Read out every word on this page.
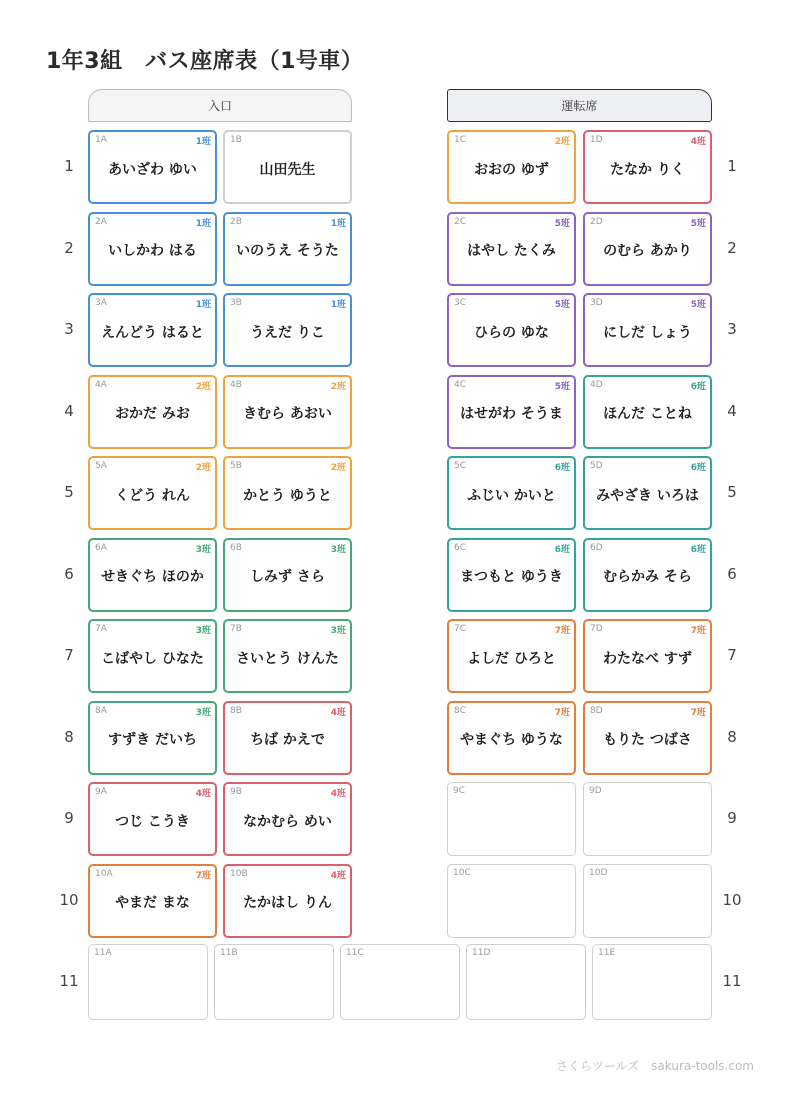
1年3組　バス座席表（1号車）
入口	運転席
1	1
1A	1班
あいざわ ゆい
1B
山田先生
1C	2班
おおの ゆず
1D	4班
たなか りく
2	2
2A	1班
いしかわ はる
2B	1班
いのうえ そうた
2C	5班
はやし たくみ
2D	5班
のむら あかり
3	3
3A	1班
えんどう はると
3B	1班
うえだ りこ
3C	5班
ひらの ゆな
3D	5班
にしだ しょう
4	4
4A	2班
おかだ みお
4B	2班
きむら あおい
4C	5班
はせがわ そうま
4D	6班
ほんだ ことね
5	5
5A	2班
くどう れん
5B	2班
かとう ゆうと
5C	6班
ふじい かいと
5D	6班
みやざき いろは
6	6
6A	3班
せきぐち ほのか
6B	3班
しみず さら
6C	6班
まつもと ゆうき
6D	6班
むらかみ そら
7	7
7A	3班
こばやし ひなた
7B	3班
さいとう けんた
7C	7班
よしだ ひろと
7D	7班
わたなべ すず
8	8
8A	3班
すずき だいち
8B	4班
ちば かえで
8C	7班
やまぐち ゆうな
8D	7班
もりた つばさ
9	9
9A	4班
つじ こうき
9B	4班
なかむら めい
9C	9D
10	10
10A	7班
やまだ まな
10B	4班
たかはし りん
10C	10D
11	11
11A	11B	11C	11D	11E
さくらツールズ　sakura-tools.com
